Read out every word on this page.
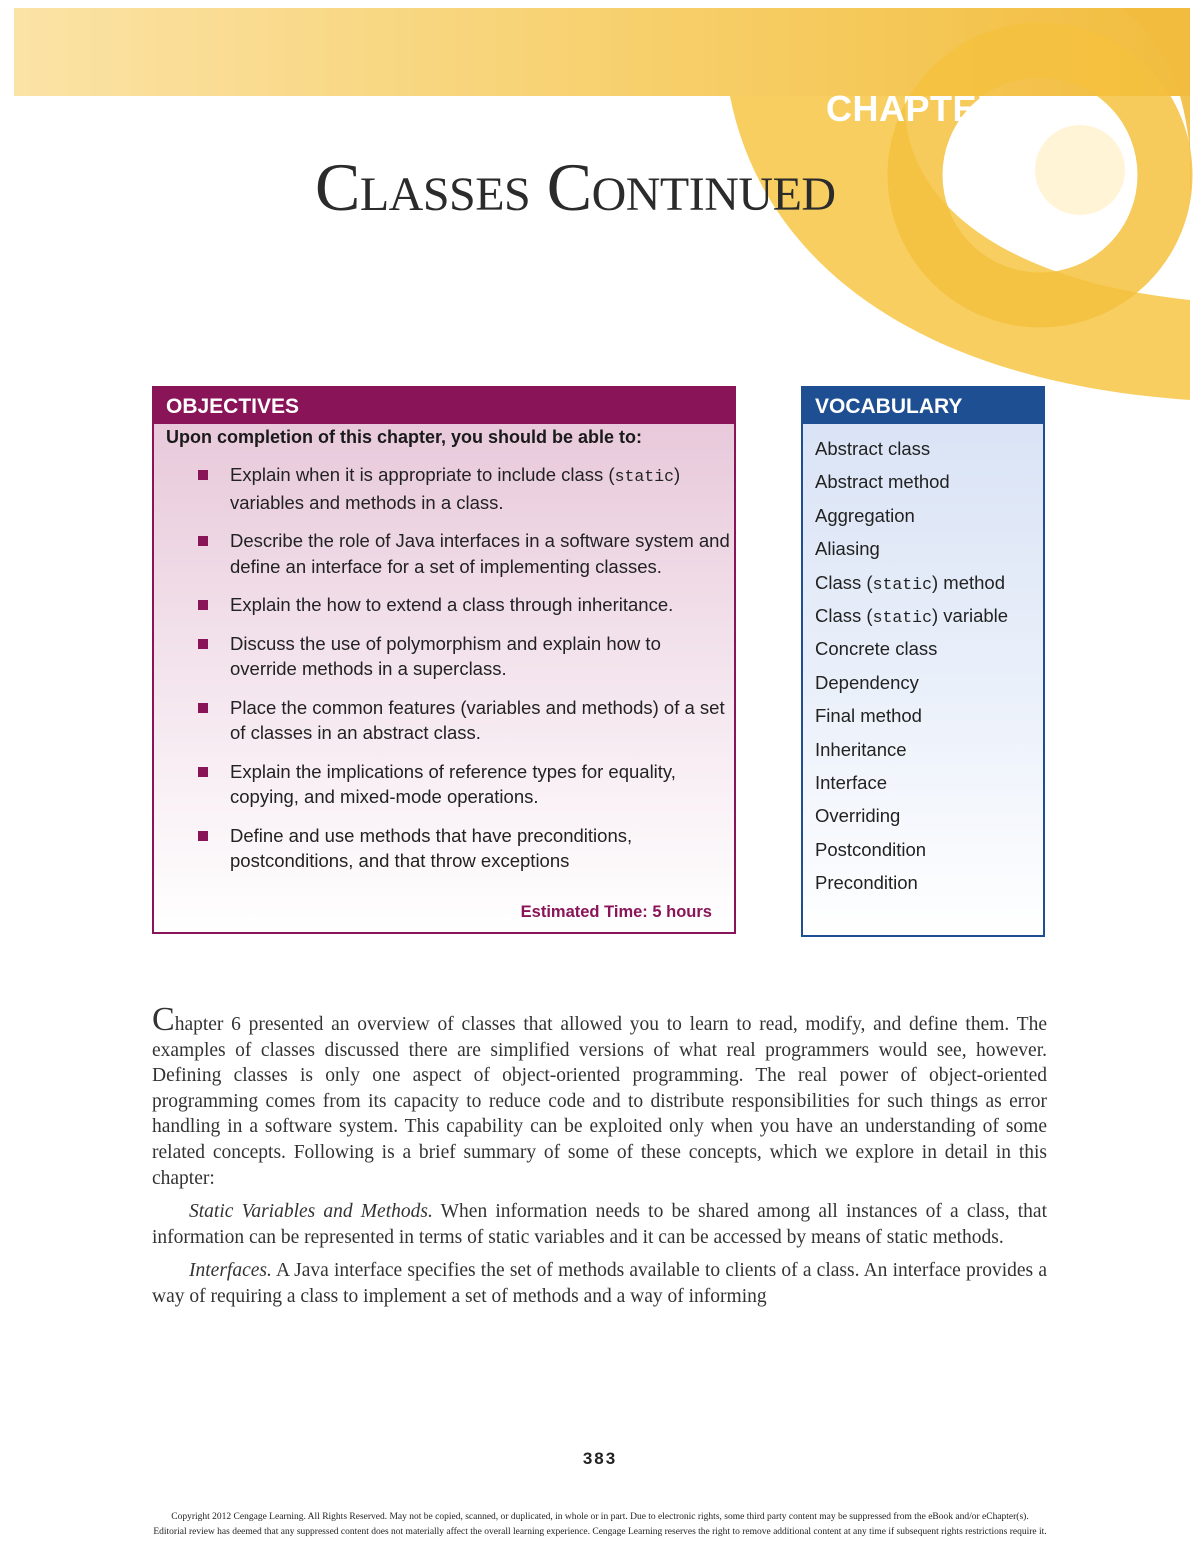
CHAPTER 11
Classes Continued
OBJECTIVES
Upon completion of this chapter, you should be able to:
Explain when it is appropriate to include class (static) variables and methods in a class.
Describe the role of Java interfaces in a software system and define an interface for a set of implementing classes.
Explain the how to extend a class through inheritance.
Discuss the use of polymorphism and explain how to override methods in a superclass.
Place the common features (variables and methods) of a set of classes in an abstract class.
Explain the implications of reference types for equality, copying, and mixed-mode operations.
Define and use methods that have preconditions, postconditions, and that throw exceptions
Estimated Time: 5 hours
VOCABULARY
Abstract class
Abstract method
Aggregation
Aliasing
Class (static) method
Class (static) variable
Concrete class
Dependency
Final method
Inheritance
Interface
Overriding
Postcondition
Precondition

Chapter 6 presented an overview of classes that allowed you to learn to read, modify, and define them. The examples of classes discussed there are simplified versions of what real programmers would see, however. Defining classes is only one aspect of object-oriented programming. The real power of object-oriented programming comes from its capacity to reduce code and to distribute responsibilities for such things as error handling in a software system. This capability can be exploited only when you have an understanding of some related concepts. Following is a brief summary of some of these concepts, which we explore in detail in this chapter:

Static Variables and Methods. When information needs to be shared among all instances of a class, that information can be represented in terms of static variables and it can be accessed by means of static methods.

Interfaces. A Java interface specifies the set of methods available to clients of a class. An interface provides a way of requiring a class to implement a set of methods and a way of informing

383
Copyright 2012 Cengage Learning. All Rights Reserved. May not be copied, scanned, or duplicated, in whole or in part. Due to electronic rights, some third party content may be suppressed from the eBook and/or eChapter(s).
Editorial review has deemed that any suppressed content does not materially affect the overall learning experience. Cengage Learning reserves the right to remove additional content at any time if subsequent rights restrictions require it.
